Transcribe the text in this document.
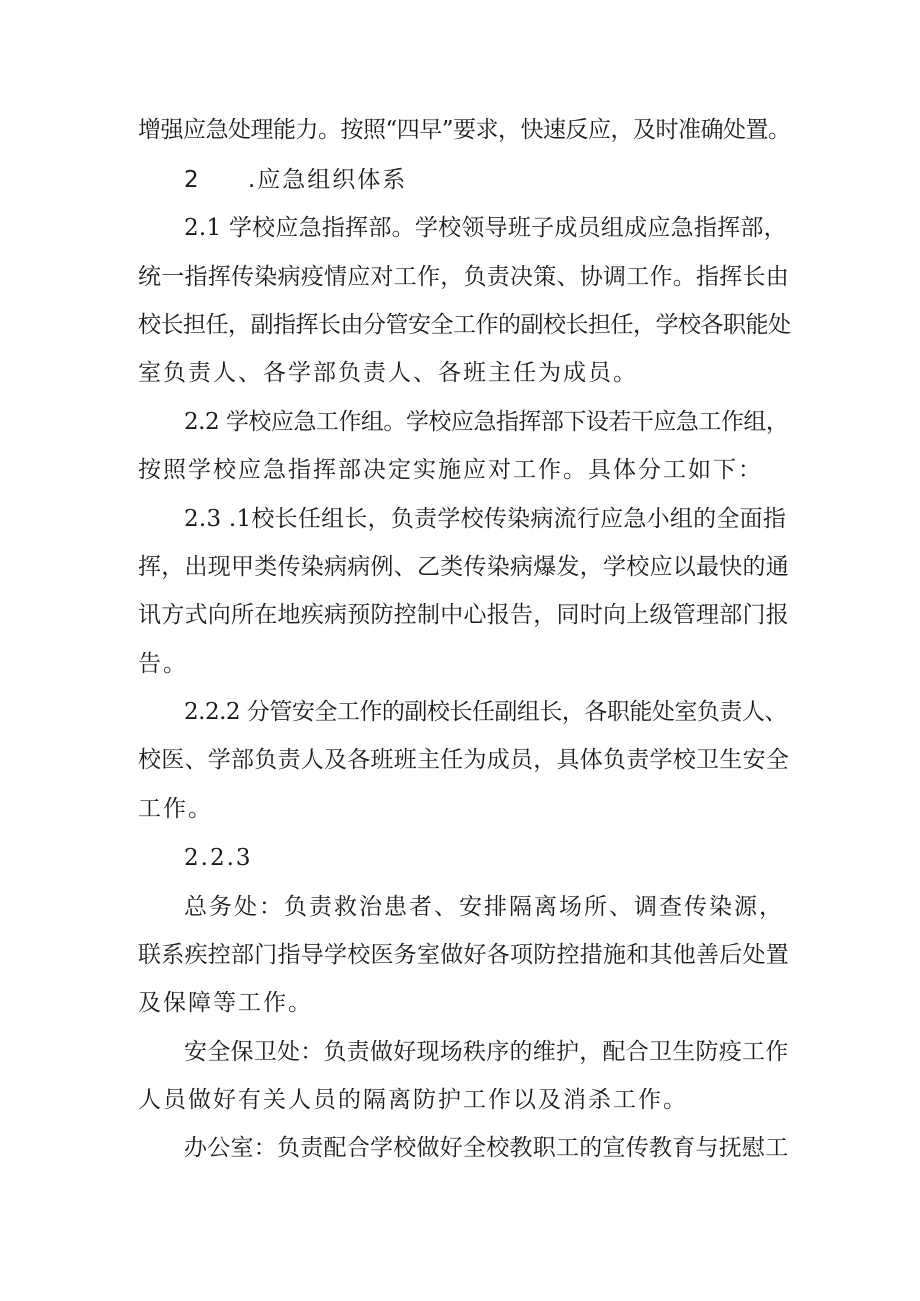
增强应急处理能力。按照“四早”要求，快速反应，及时准确处置。
2 .应急组织体系
2.1 学校应急指挥部。学校领导班子成员组成应急指挥部，
统一指挥传染病疫情应对工作，负责决策、协调工作。指挥长由
校长担任，副指挥长由分管安全工作的副校长担任，学校各职能处
室负责人、各学部负责人、各班主任为成员。
2.2 学校应急工作组。学校应急指挥部下设若干应急工作组，
按照学校应急指挥部决定实施应对工作。具体分工如下：
2.3 .1校长任组长，负责学校传染病流行应急小组的全面指
挥，出现甲类传染病病例、乙类传染病爆发，学校应以最快的通
讯方式向所在地疾病预防控制中心报告，同时向上级管理部门报
告。
2.2.2 分管安全工作的副校长任副组长，各职能处室负责人、
校医、学部负责人及各班班主任为成员，具体负责学校卫生安全
工作。
2.2.3
总务处：负责救治患者、安排隔离场所、调查传染源，
联系疾控部门指导学校医务室做好各项防控措施和其他善后处置
及保障等工作。
安全保卫处：负责做好现场秩序的维护，配合卫生防疫工作
人员做好有关人员的隔离防护工作以及消杀工作。
办公室：负责配合学校做好全校教职工的宣传教育与抚慰工
